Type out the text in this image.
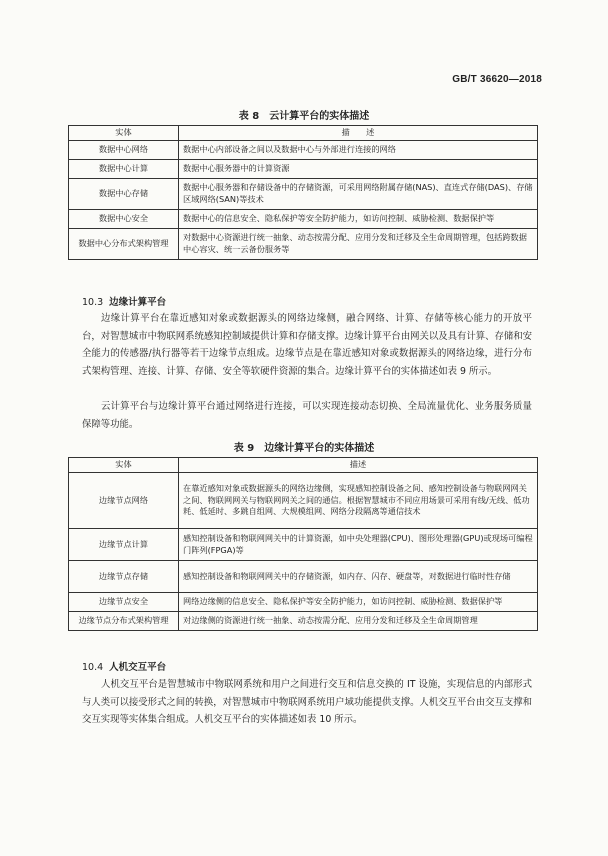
GB/T 36620—2018
表 8　云计算平台的实体描述
实体	描　　述
数据中心网络	数据中心内部设备之间以及数据中心与外部进行连接的网络
数据中心计算	数据中心服务器中的计算资源
数据中心存储	数据中心服务器和存储设备中的存储资源，可采用网络附属存储(NAS)、直连式存储(DAS)、存储区域网络(SAN)等技术
数据中心安全	数据中心的信息安全、隐私保护等安全防护能力，如访问控制、威胁检测、数据保护等
数据中心分布式架构管理	对数据中心资源进行统一抽象、动态按需分配、应用分发和迁移及全生命周期管理，包括跨数据中心容灾、统一云备份服务等
10.3 边缘计算平台

边缘计算平台在靠近感知对象或数据源头的网络边缘侧，融合网络、计算、存储等核心能力的开放平台，对智慧城市中物联网系统感知控制域提供计算和存储支撑。边缘计算平台由网关以及具有计算、存储和安全能力的传感器/执行器等若干边缘节点组成。边缘节点是在靠近感知对象或数据源头的网络边缘，进行分布式架构管理、连接、计算、存储、安全等软硬件资源的集合。边缘计算平台的实体描述如表 9 所示。

云计算平台与边缘计算平台通过网络进行连接，可以实现连接动态切换、全局流量优化、业务服务质量保障等功能。

表 9　边缘计算平台的实体描述
实体	描述
边缘节点网络	在靠近感知对象或数据源头的网络边缘侧，实现感知控制设备之间、感知控制设备与物联网网关之间、物联网网关与物联网网关之间的通信。根据智慧城市不同应用场景可采用有线/无线、低功耗、低延时、多跳自组网、大规模组网、网络分段隔离等通信技术
边缘节点计算	感知控制设备和物联网网关中的计算资源，如中央处理器(CPU)、图形处理器(GPU)或现场可编程门阵列(FPGA)等
边缘节点存储	感知控制设备和物联网网关中的存储资源，如内存、闪存、硬盘等，对数据进行临时性存储
边缘节点安全	网络边缘侧的信息安全、隐私保护等安全防护能力，如访问控制、威胁检测、数据保护等
边缘节点分布式架构管理	对边缘侧的资源进行统一抽象、动态按需分配、应用分发和迁移及全生命周期管理
10.4 人机交互平台

人机交互平台是智慧城市中物联网系统和用户之间进行交互和信息交换的 IT 设施，实现信息的内部形式与人类可以接受形式之间的转换，对智慧城市中物联网系统用户域功能提供支撑。人机交互平台由交互支撑和交互实现等实体集合组成。人机交互平台的实体描述如表 10 所示。
